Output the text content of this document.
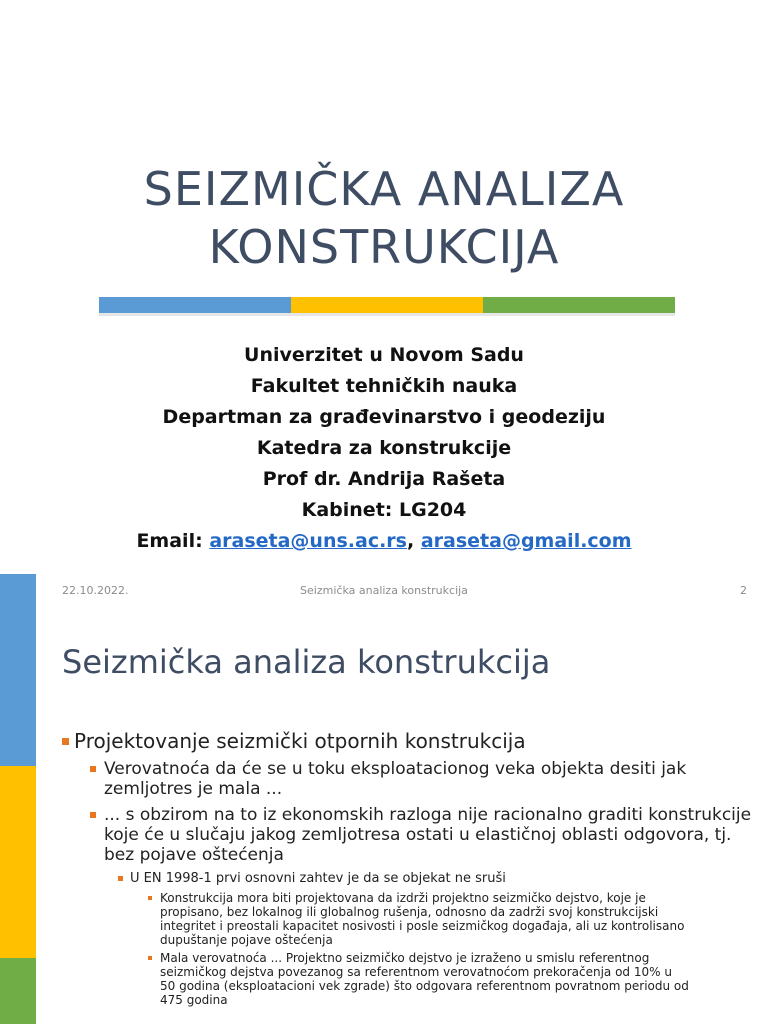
SEIZMIČKA ANALIZA
KONSTRUKCIJA
Univerzitet u Novom Sadu
Fakultet tehničkih nauka
Departman za građevinarstvo i geodeziju
Katedra za konstrukcije
Prof dr. Andrija Rašeta
Kabinet: LG204
Email: araseta@uns.ac.rs, araseta@gmail.com
22.10.2022.	Seizmička analiza konstrukcija	2
Seizmička analiza konstrukcija
Projektovanje seizmički otpornih konstrukcija
Verovatnoća da će se u toku eksploatacionog veka objekta desiti jak zemljotres je mala ...
... s obzirom na to iz ekonomskih razloga nije racionalno graditi konstrukcije koje će u slučaju jakog zemljotresa ostati u elastičnoj oblasti odgovora, tj. bez pojave oštećenja
U EN 1998-1 prvi osnovni zahtev je da se objekat ne sruši
Konstrukcija mora biti projektovana da izdrži projektno seizmičko dejstvo, koje je propisano, bez lokalnog ili globalnog rušenja, odnosno da zadrži svoj konstrukcijski integritet i preostali kapacitet nosivosti i posle seizmičkog događaja, ali uz kontrolisano dupuštanje pojave oštećenja
Mala verovatnoća ... Projektno seizmičko dejstvo je izraženo u smislu referentnog seizmičkog dejstva povezanog sa referentnom verovatnoćom prekoračenja od 10% u 50 godina (eksploatacioni vek zgrade) što odgovara referentnom povratnom periodu od 475 godina
